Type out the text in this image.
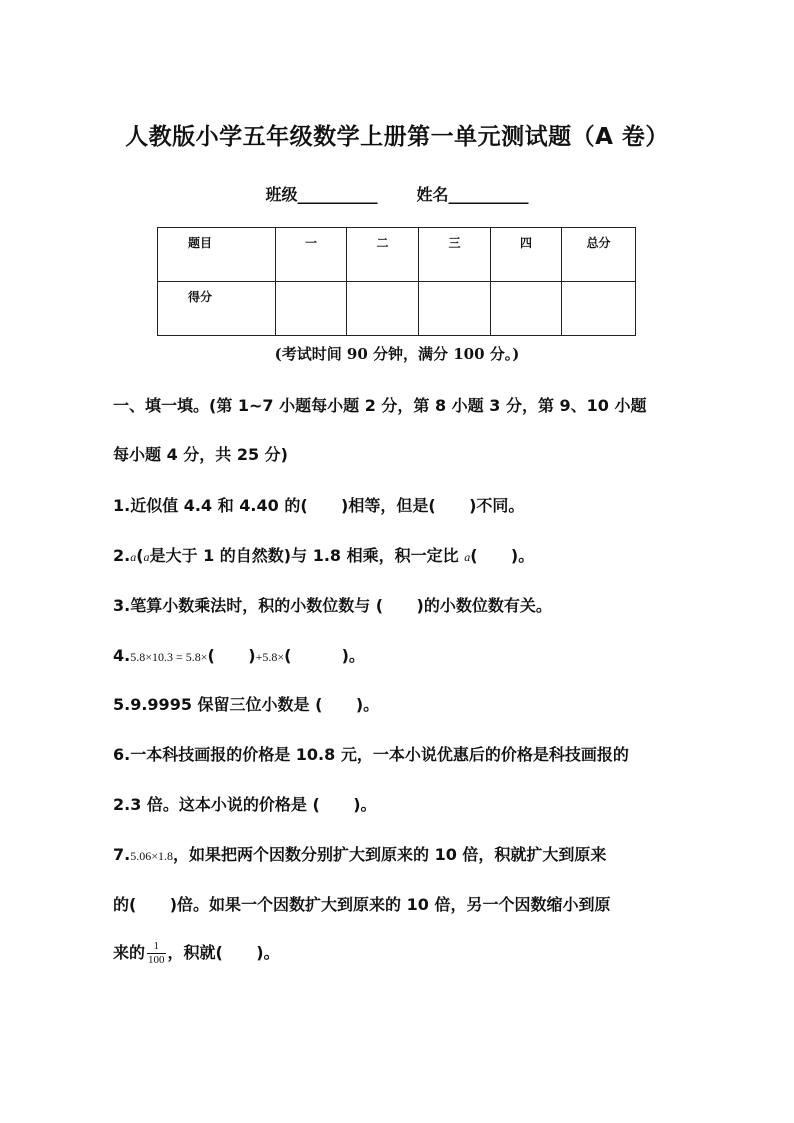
人教版小学五年级数学上册第一单元测试题（A 卷）
班级__________ 姓名__________
题目	一	二	三	四	总分
得分					
(考试时间 90 分钟，满分 100 分。)
一、填一填。(第 1~7 小题每小题 2 分，第 8 小题 3 分，第 9、10 小题
每小题 4 分，共 25 分)
1.近似值 4.4 和 4.40 的(      )相等，但是(      )不同。
2.a(a是大于 1 的自然数)与 1.8 相乘，积一定比 a(      )。
3.笔算小数乘法时，积的小数位数与 (      )的小数位数有关。
4.5.8×10.3 = 5.8×(      )+5.8×(         )。
5.9.9995 保留三位小数是 (      )。
6.一本科技画报的价格是 10.8 元，一本小说优惠后的价格是科技画报的
2.3 倍。这本小说的价格是 (      )。
7.5.06×1.8，如果把两个因数分别扩大到原来的 10 倍，积就扩大到原来
的(      )倍。如果一个因数扩大到原来的 10 倍，另一个因数缩小到原
来的 $\frac{1}{100}$ ，积就(      )。
